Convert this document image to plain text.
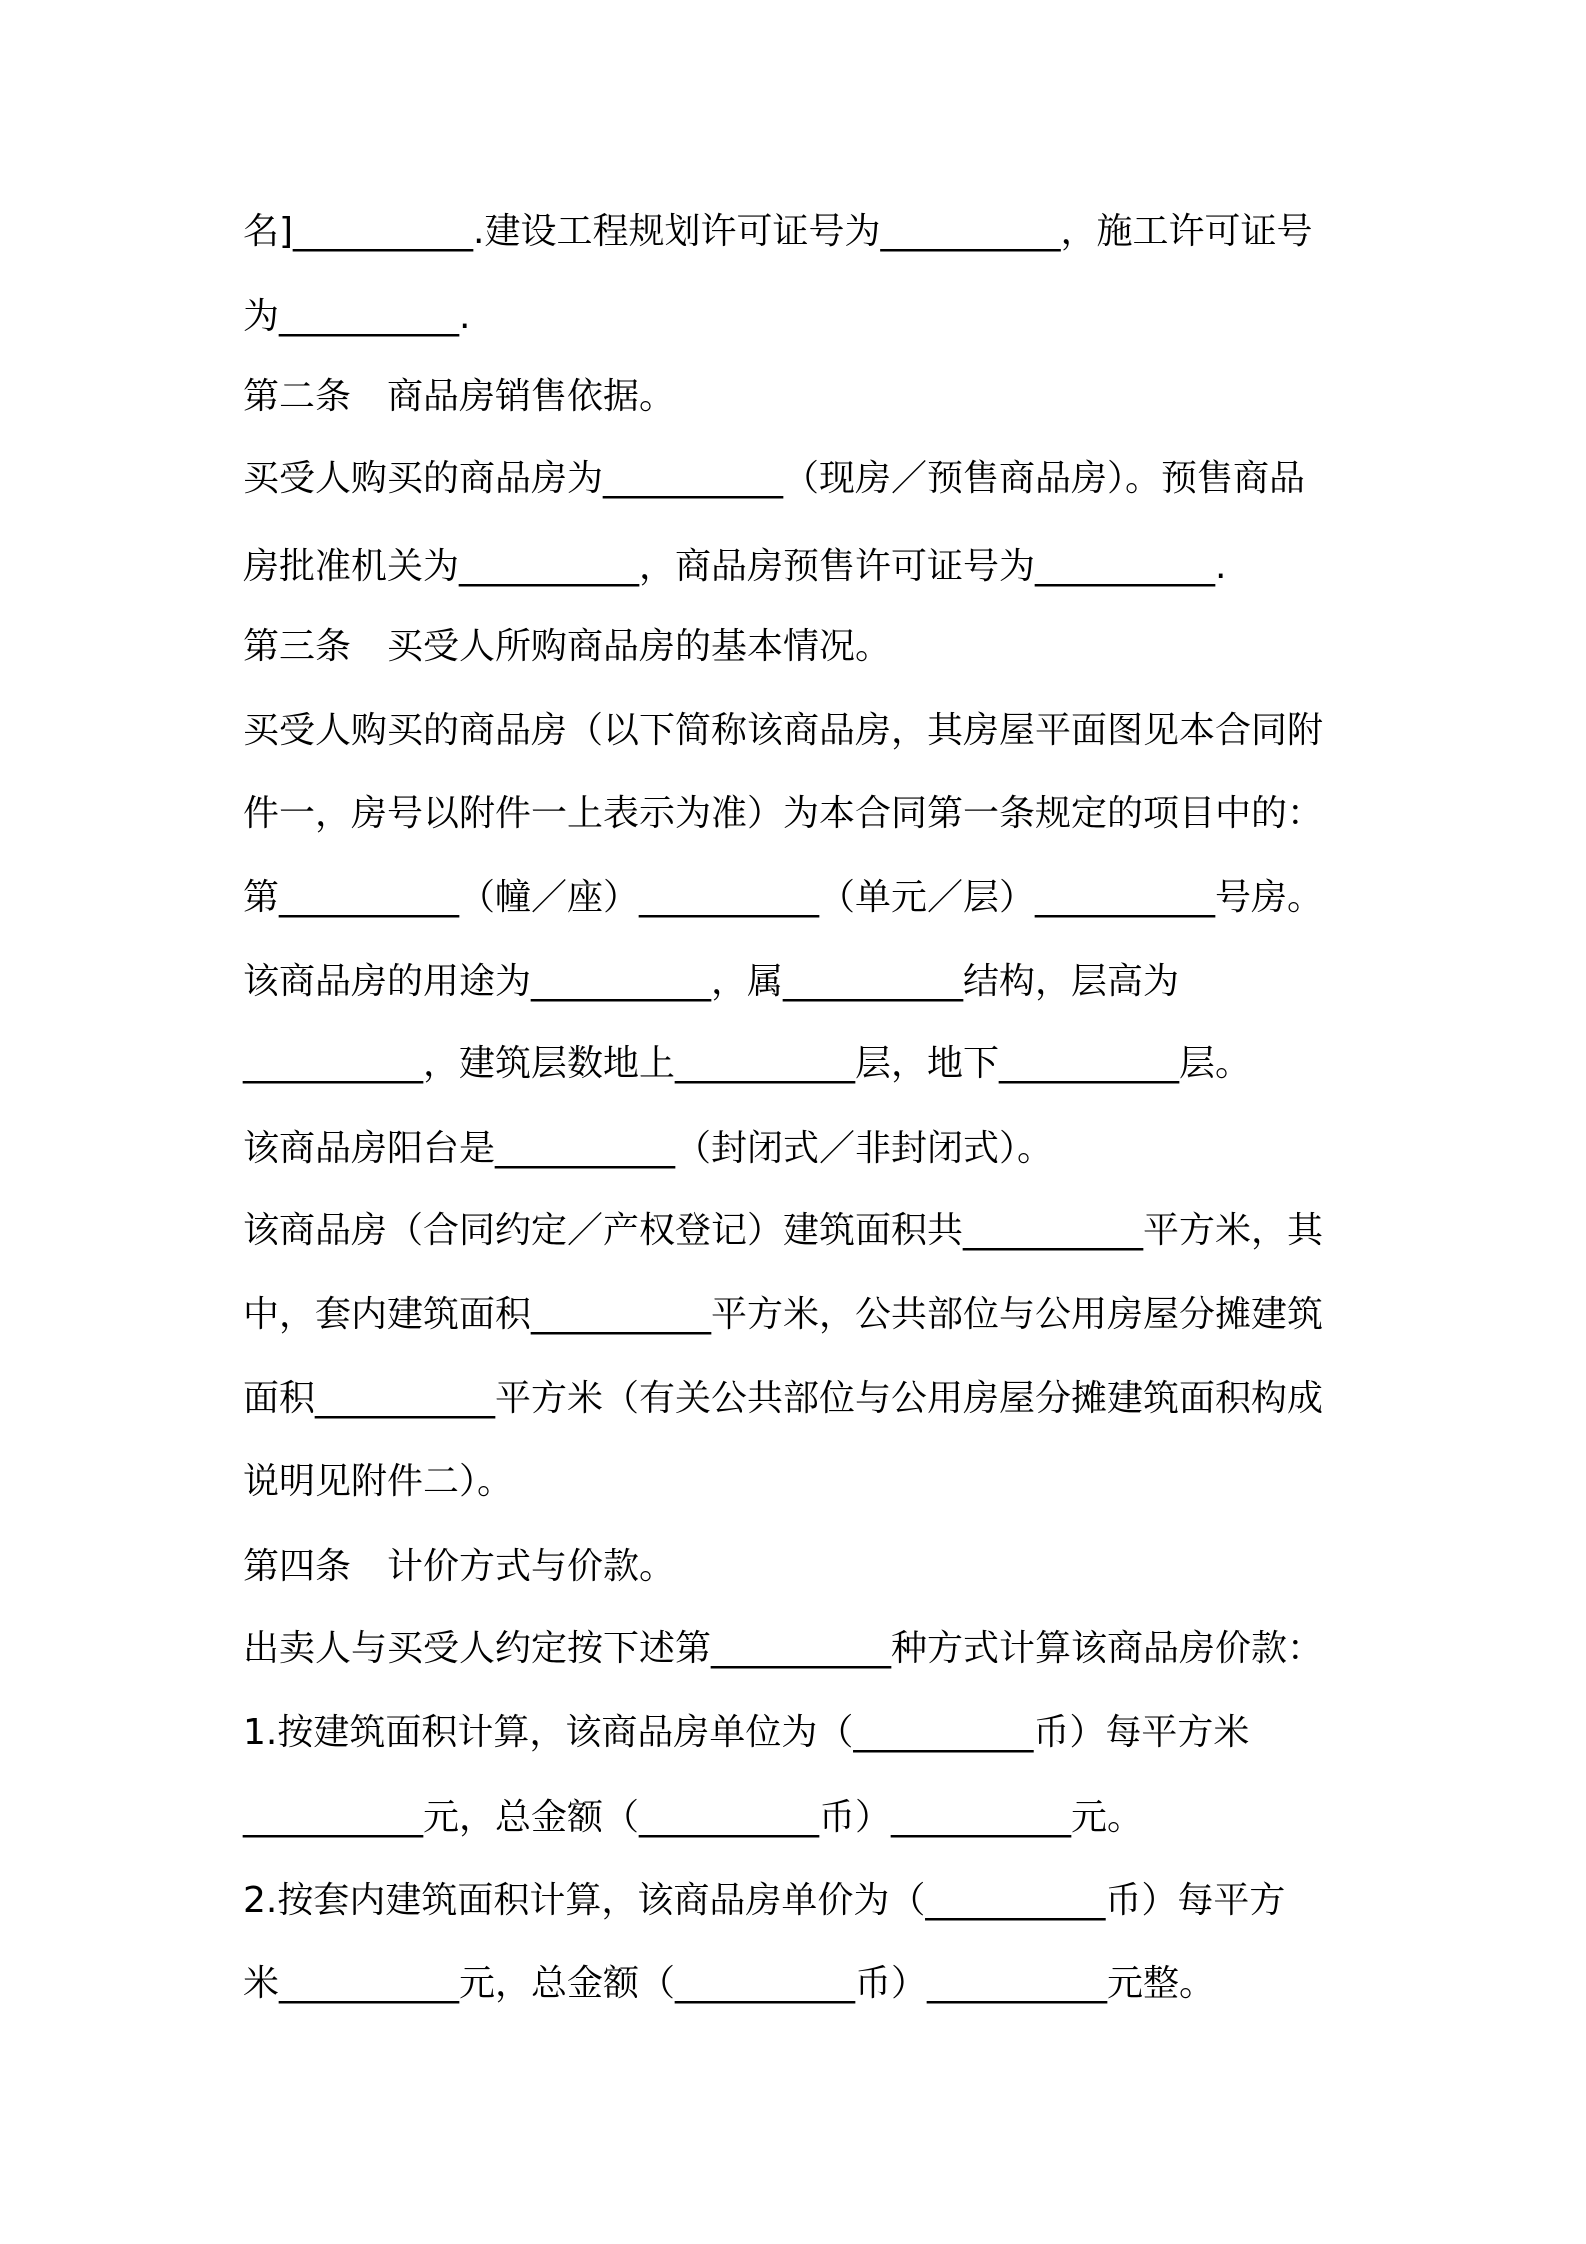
名]__________.建设工程规划许可证号为__________，施工许可证号
为__________.
第二条　商品房销售依据。
买受人购买的商品房为__________（现房／预售商品房）。预售商品
房批准机关为__________，商品房预售许可证号为__________.
第三条　买受人所购商品房的基本情况。
买受人购买的商品房（以下简称该商品房，其房屋平面图见本合同附
件一，房号以附件一上表示为准）为本合同第一条规定的项目中的：
第__________（幢／座）__________（单元／层）__________号房。
该商品房的用途为__________，属__________结构，层高为
__________，建筑层数地上__________层，地下__________层。
该商品房阳台是__________（封闭式／非封闭式）。
该商品房（合同约定／产权登记）建筑面积共__________平方米，其
中，套内建筑面积__________平方米，公共部位与公用房屋分摊建筑
面积__________平方米（有关公共部位与公用房屋分摊建筑面积构成
说明见附件二）。
第四条　计价方式与价款。
出卖人与买受人约定按下述第__________种方式计算该商品房价款：
1.按建筑面积计算，该商品房单位为（__________币）每平方米
__________元，总金额（__________币）__________元。
2.按套内建筑面积计算，该商品房单价为（__________币）每平方
米__________元，总金额（__________币）__________元整。
